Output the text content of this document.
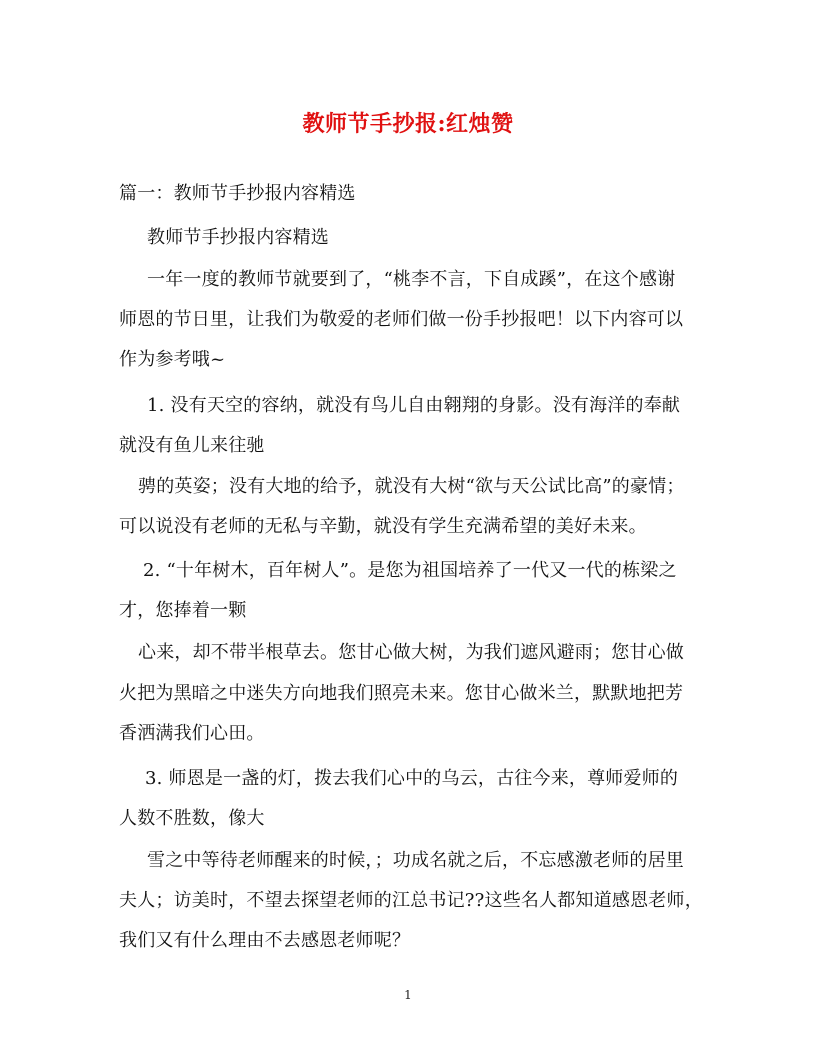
教师节手抄报:红烛赞
篇一：教师节手抄报内容精选
教师节手抄报内容精选
一年一度的教师节就要到了，“桃李不言，下自成蹊”，在这个感谢
师恩的节日里，让我们为敬爱的老师们做一份手抄报吧！以下内容可以
作为参考哦~
1. 没有天空的容纳，就没有鸟儿自由翱翔的身影。没有海洋的奉献
就没有鱼儿来往驰
骋的英姿；没有大地的给予，就没有大树“欲与天公试比高”的豪情；
可以说没有老师的无私与辛勤，就没有学生充满希望的美好未来。
2. “十年树木，百年树人”。是您为祖国培养了一代又一代的栋梁之
才，您捧着一颗
心来，却不带半根草去。您甘心做大树，为我们遮风避雨；您甘心做
火把为黑暗之中迷失方向地我们照亮未来。您甘心做米兰，默默地把芳
香洒满我们心田。
3. 师恩是一盏的灯，拨去我们心中的乌云，古往今来，尊师爱师的
人数不胜数，像大
雪之中等待老师醒来的时候，；功成名就之后，不忘感激老师的居里
夫人；访美时，不望去探望老师的江总书记??这些名人都知道感恩老师，
我们又有什么理由不去感恩老师呢？
1
